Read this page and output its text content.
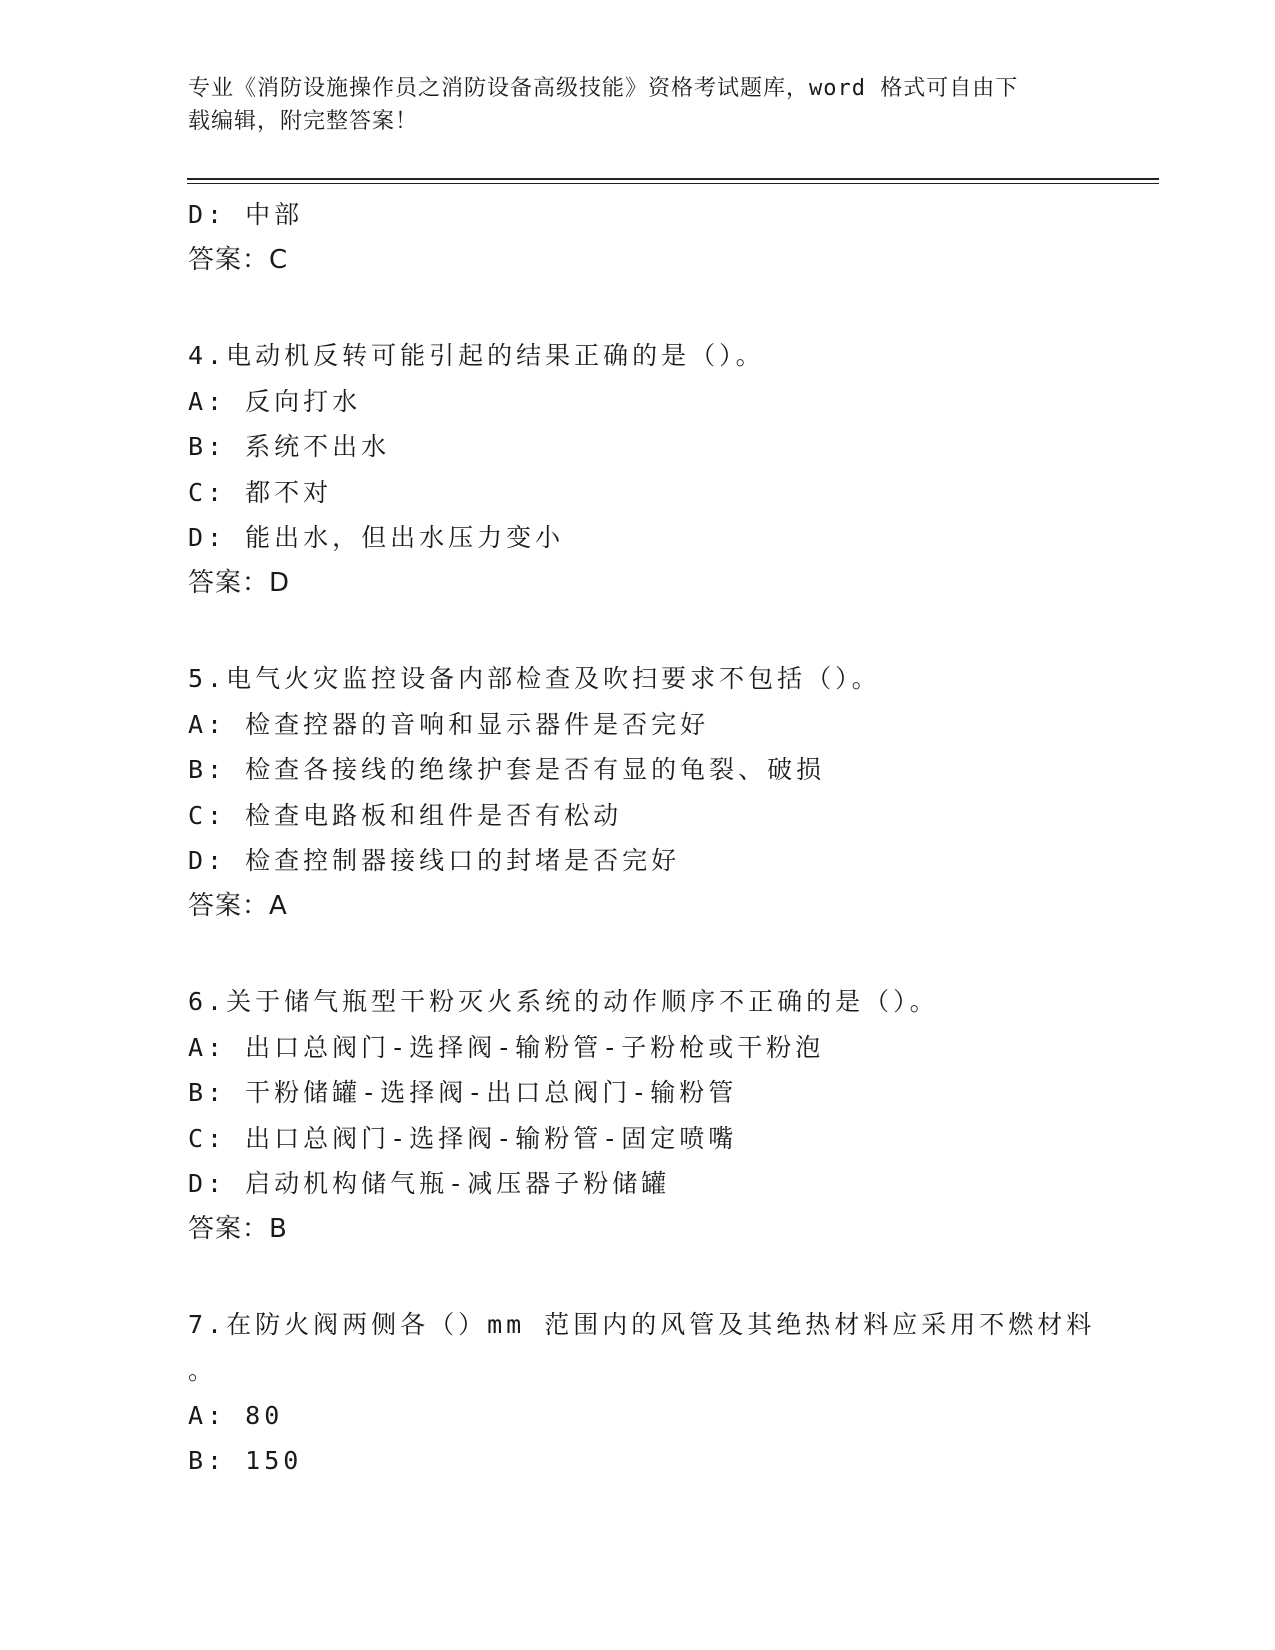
专业《消防设施操作员之消防设备高级技能》资格考试题库，word 格式可自由下
载编辑，附完整答案！
D: 中部
答案：C
4.电动机反转可能引起的结果正确的是（）。
A: 反向打水
B: 系统不出水
C: 都不对
D: 能出水，但出水压力变小
答案：D
5.电气火灾监控设备内部检查及吹扫要求不包括（）。
A: 检查控器的音响和显示器件是否完好
B: 检查各接线的绝缘护套是否有显的龟裂、破损
C: 检查电路板和组件是否有松动
D: 检查控制器接线口的封堵是否完好
答案：A
6.关于储气瓶型干粉灭火系统的动作顺序不正确的是（）。
A: 出口总阀门-选择阀-输粉管-子粉枪或干粉泡
B: 干粉储罐-选择阀-出口总阀门-输粉管
C: 出口总阀门-选择阀-输粉管-固定喷嘴
D: 启动机构储气瓶-减压器子粉储罐
答案：B
7.在防火阀两侧各（）mm 范围内的风管及其绝热材料应采用不燃材料
。
A: 80
B: 150
